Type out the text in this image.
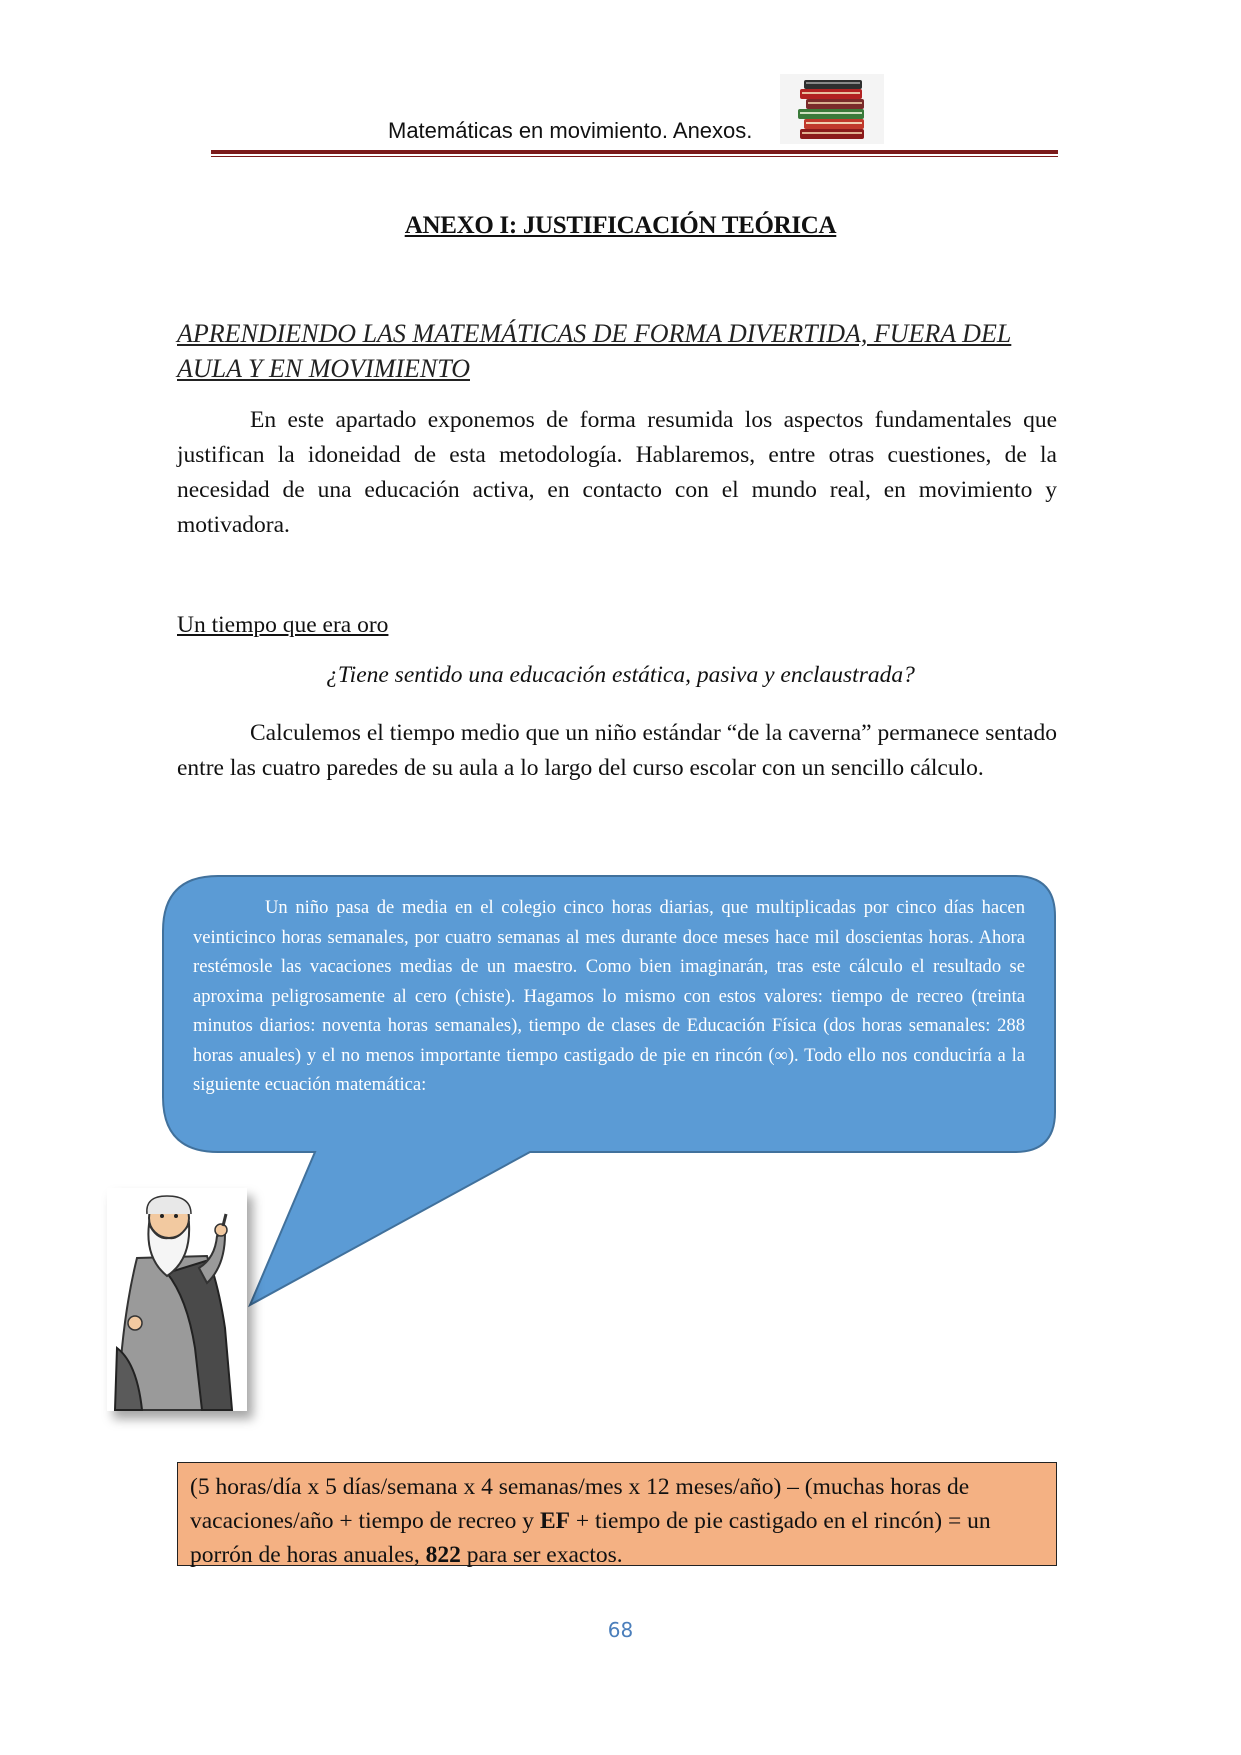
Matemáticas en movimiento. Anexos.
ANEXO I: JUSTIFICACIÓN TEÓRICA
APRENDIENDO LAS MATEMÁTICAS DE FORMA DIVERTIDA, FUERA DEL AULA Y EN MOVIMIENTO
En este apartado exponemos de forma resumida los aspectos fundamentales que justifican la idoneidad de esta metodología. Hablaremos, entre otras cuestiones, de la necesidad de una educación activa, en contacto con el mundo real, en movimiento y motivadora.
Un tiempo que era oro
¿Tiene sentido una educación estática, pasiva y enclaustrada?
Calculemos el tiempo medio que un niño estándar “de la caverna” permanece sentado entre las cuatro paredes de su aula a lo largo del curso escolar con un sencillo cálculo.
Un niño pasa de media en el colegio cinco horas diarias, que multiplicadas por cinco días hacen veinticinco horas semanales, por cuatro semanas al mes durante doce meses hace mil doscientas horas. Ahora restémosle las vacaciones medias de un maestro. Como bien imaginarán, tras este cálculo el resultado se aproxima peligrosamente al cero (chiste). Hagamos lo mismo con estos valores: tiempo de recreo (treinta minutos diarios: noventa horas semanales), tiempo de clases de Educación Física (dos horas semanales: 288 horas anuales) y el no menos importante tiempo castigado de pie en rincón (∞). Todo ello nos conduciría a la siguiente ecuación matemática:
(5 horas/día x 5 días/semana x 4 semanas/mes x 12 meses/año) – (muchas horas de vacaciones/año + tiempo de recreo y EF + tiempo de pie castigado en el rincón) = un porrón de horas anuales, 822 para ser exactos.
68
